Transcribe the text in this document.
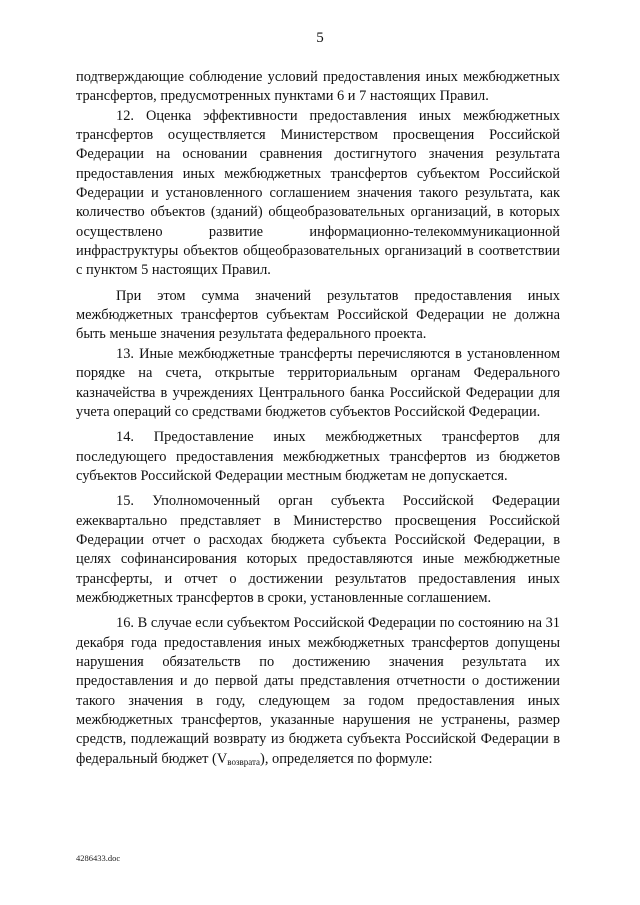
5

подтверждающие соблюдение условий предоставления иных межбюджетных трансфертов, предусмотренных пунктами 6 и 7 настоящих Правил.

12. Оценка эффективности предоставления иных межбюджетных трансфертов осуществляется Министерством просвещения Российской Федерации на основании сравнения достигнутого значения результата предоставления иных межбюджетных трансфертов субъектом Российской Федерации и установленного соглашением значения такого результата, как количество объектов (зданий) общеобразовательных организаций, в которых осуществлено развитие информационно-телекоммуникационной инфраструктуры объектов общеобразовательных организаций в соответствии с пунктом 5 настоящих Правил.

При этом сумма значений результатов предоставления иных межбюджетных трансфертов субъектам Российской Федерации не должна быть меньше значения результата федерального проекта.

13. Иные межбюджетные трансферты перечисляются в установленном порядке на счета, открытые территориальным органам Федерального казначейства в учреждениях Центрального банка Российской Федерации для учета операций со средствами бюджетов субъектов Российской Федерации.

14. Предоставление иных межбюджетных трансфертов для последующего предоставления межбюджетных трансфертов из бюджетов субъектов Российской Федерации местным бюджетам не допускается.

15. Уполномоченный орган субъекта Российской Федерации ежеквартально представляет в Министерство просвещения Российской Федерации отчет о расходах бюджета субъекта Российской Федерации, в целях софинансирования которых предоставляются иные межбюджетные трансферты, и отчет о достижении результатов предоставления иных межбюджетных трансфертов в сроки, установленные соглашением.

16. В случае если субъектом Российской Федерации по состоянию на 31 декабря года предоставления иных межбюджетных трансфертов допущены нарушения обязательств по достижению значения результата их предоставления и до первой даты представления отчетности о достижении такого значения в году, следующем за годом предоставления иных межбюджетных трансфертов, указанные нарушения не устранены, размер средств, подлежащий возврату из бюджета субъекта Российской Федерации в федеральный бюджет $(V_{возврата})$, определяется по формуле:

4286433.doc
